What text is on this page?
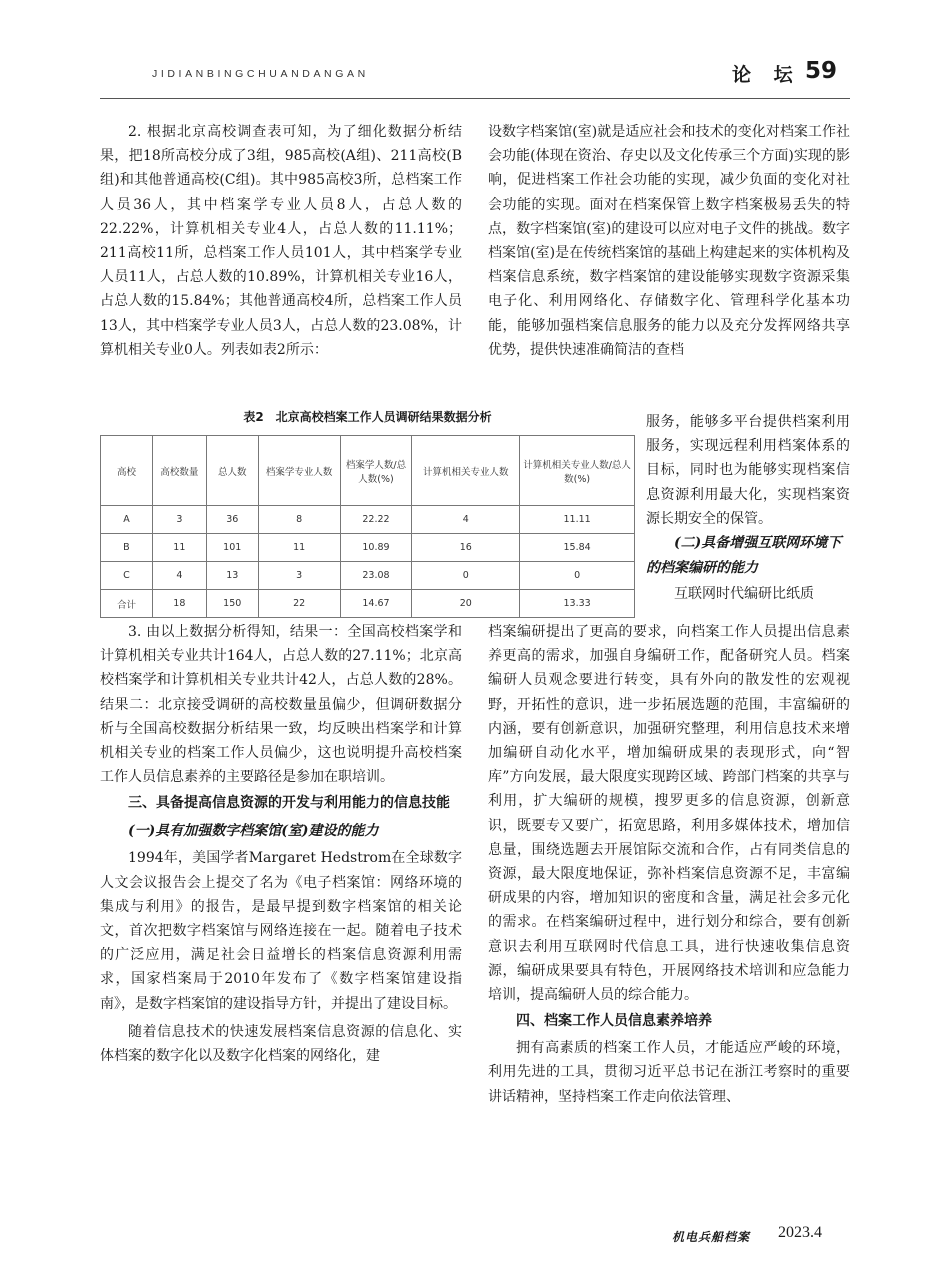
JIDIANBINGCHUANDANGAN	论 坛 59

2. 根据北京高校调查表可知，为了细化数据分析结果，把18所高校分成了3组，985高校(A组)、211高校(B组)和其他普通高校(C组)。其中985高校3所，总档案工作人员36人，其中档案学专业人员8人，占总人数的22.22%，计算机相关专业4人，占总人数的11.11%；211高校11所，总档案工作人员101人，其中档案学专业人员11人，占总人数的10.89%，计算机相关专业16人，占总人数的15.84%；其他普通高校4所，总档案工作人员13人，其中档案学专业人员3人，占总人数的23.08%，计算机相关专业0人。列表如表2所示：

设数字档案馆(室)就是适应社会和技术的变化对档案工作社会功能(体现在资治、存史以及文化传承三个方面)实现的影响，促进档案工作社会功能的实现，减少负面的变化对社会功能的实现。面对在档案保管上数字档案极易丢失的特点，数字档案馆(室)的建设可以应对电子文件的挑战。数字档案馆(室)是在传统档案馆的基础上构建起来的实体机构及档案信息系统，数字档案馆的建设能够实现数字资源采集电子化、利用网络化、存储数字化、管理科学化基本功能，能够加强档案信息服务的能力以及充分发挥网络共享优势，提供快速准确简洁的查档

表2　北京高校档案工作人员调研结果数据分析
高校	高校数量	总人数	档案学专业人数	档案学人数/总人数(%)	计算机相关专业人数	计算机相关专业人数/总人数(%)
A	3	36	8	22.22	4	11.11
B	11	101	11	10.89	16	15.84
C	4	13	3	23.08	0	0
合计	18	150	22	14.67	20	13.33

服务，能够多平台提供档案利用服务，实现远程利用档案体系的目标，同时也为能够实现档案信息资源利用最大化，实现档案资源长期安全的保管。

(二)具备增强互联网环境下的档案编研的能力

互联网时代编研比纸质

3. 由以上数据分析得知，结果一：全国高校档案学和计算机相关专业共计164人，占总人数的27.11%；北京高校档案学和计算机相关专业共计42人，占总人数的28%。结果二：北京接受调研的高校数量虽偏少，但调研数据分析与全国高校数据分析结果一致，均反映出档案学和计算机相关专业的档案工作人员偏少，这也说明提升高校档案工作人员信息素养的主要路径是参加在职培训。

三、具备提高信息资源的开发与利用能力的信息技能

(一)具有加强数字档案馆(室)建设的能力

1994年，美国学者Margaret Hedstrom在全球数字人文会议报告会上提交了名为《电子档案馆：网络环境的集成与利用》的报告，是最早提到数字档案馆的相关论文，首次把数字档案馆与网络连接在一起。随着电子技术的广泛应用，满足社会日益增长的档案信息资源利用需求，国家档案局于2010年发布了《数字档案馆建设指南》，是数字档案馆的建设指导方针，并提出了建设目标。

随着信息技术的快速发展档案信息资源的信息化、实体档案的数字化以及数字化档案的网络化，建

档案编研提出了更高的要求，向档案工作人员提出信息素养更高的需求，加强自身编研工作，配备研究人员。档案编研人员观念要进行转变，具有外向的散发性的宏观视野，开拓性的意识，进一步拓展选题的范围，丰富编研的内涵，要有创新意识，加强研究整理，利用信息技术来增加编研自动化水平，增加编研成果的表现形式，向“智库”方向发展，最大限度实现跨区域、跨部门档案的共享与利用，扩大编研的规模，搜罗更多的信息资源，创新意识，既要专又要广，拓宽思路，利用多媒体技术，增加信息量，围绕选题去开展馆际交流和合作，占有同类信息的资源，最大限度地保证，弥补档案信息资源不足，丰富编研成果的内容，增加知识的密度和含量，满足社会多元化的需求。在档案编研过程中，进行划分和综合，要有创新意识去利用互联网时代信息工具，进行快速收集信息资源，编研成果要具有特色，开展网络技术培训和应急能力培训，提高编研人员的综合能力。

四、档案工作人员信息素养培养

拥有高素质的档案工作人员，才能适应严峻的环境，利用先进的工具，贯彻习近平总书记在浙江考察时的重要讲话精神，坚持档案工作走向依法管理、

机电兵船档案 2023.4
